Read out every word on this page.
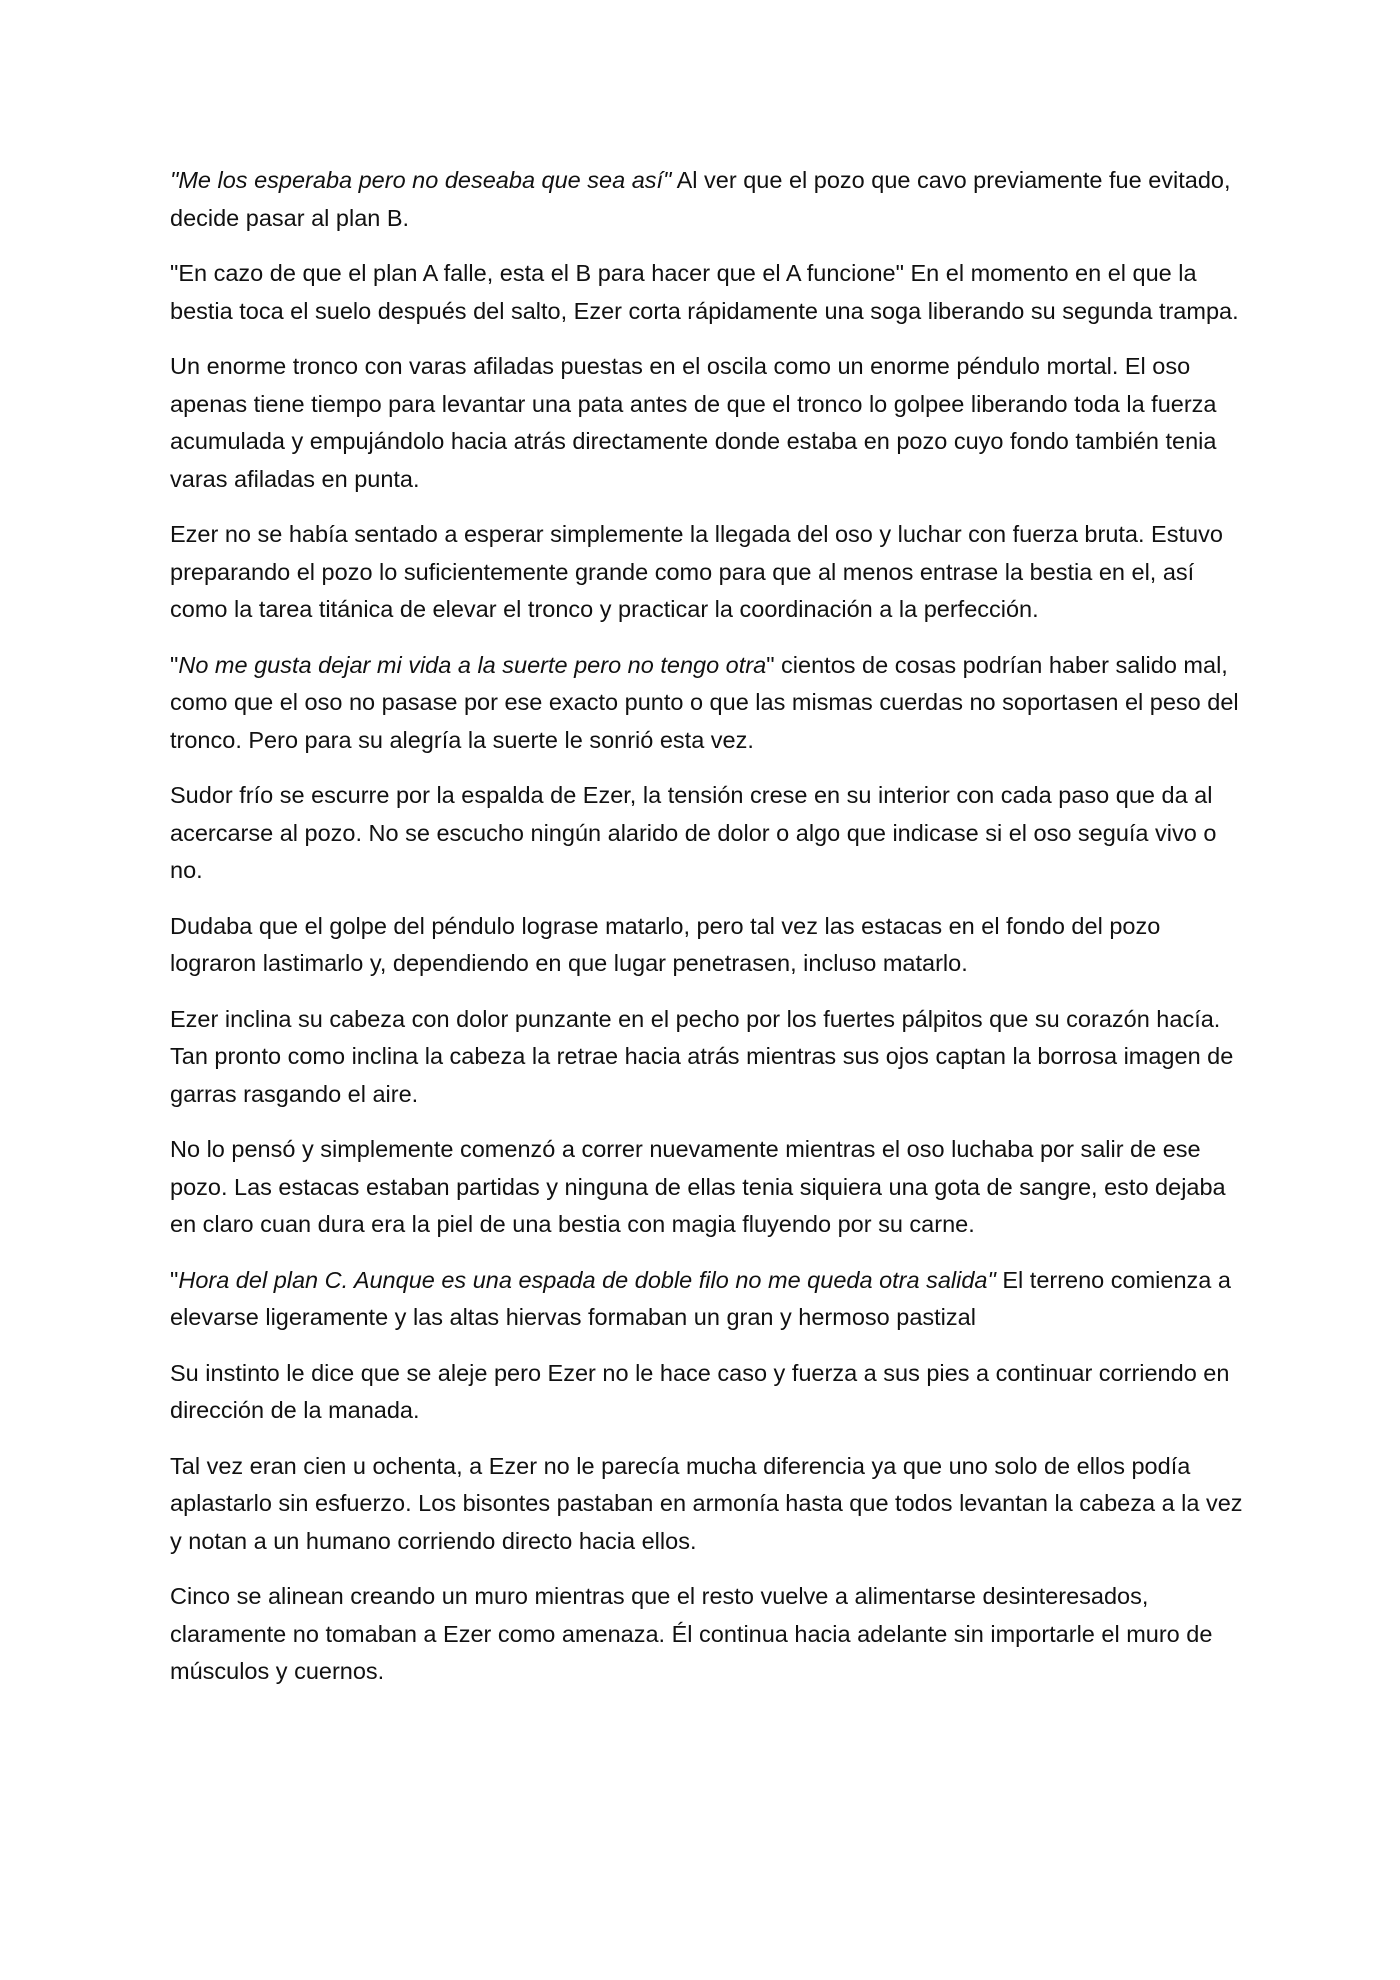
"Me los esperaba pero no deseaba que sea así" Al ver que el pozo que cavo previamente fue evitado, decide pasar al plan B.

"En cazo de que el plan A falle, esta el B para hacer que el A funcione" En el momento en el que la bestia toca el suelo después del salto, Ezer corta rápidamente una soga liberando su segunda trampa.

Un enorme tronco con varas afiladas puestas en el oscila como un enorme péndulo mortal. El oso apenas tiene tiempo para levantar una pata antes de que el tronco lo golpee liberando toda la fuerza acumulada y empujándolo hacia atrás directamente donde estaba en pozo cuyo fondo también tenia varas afiladas en punta.

Ezer no se había sentado a esperar simplemente la llegada del oso y luchar con fuerza bruta. Estuvo preparando el pozo lo suficientemente grande como para que al menos entrase la bestia en el, así como la tarea titánica de elevar el tronco y practicar la coordinación a la perfección.

"No me gusta dejar mi vida a la suerte pero no tengo otra" cientos de cosas podrían haber salido mal, como que el oso no pasase por ese exacto punto o que las mismas cuerdas no soportasen el peso del tronco. Pero para su alegría la suerte le sonrió esta vez.

Sudor frío se escurre por la espalda de Ezer, la tensión crese en su interior con cada paso que da al acercarse al pozo. No se escucho ningún alarido de dolor o algo que indicase si el oso seguía vivo o no.

Dudaba que el golpe del péndulo lograse matarlo, pero tal vez las estacas en el fondo del pozo lograron lastimarlo y, dependiendo en que lugar penetrasen, incluso matarlo.

Ezer inclina su cabeza con dolor punzante en el pecho por los fuertes pálpitos que su corazón hacía. Tan pronto como inclina la cabeza la retrae hacia atrás mientras sus ojos captan la borrosa imagen de garras rasgando el aire.

No lo pensó y simplemente comenzó a correr nuevamente mientras el oso luchaba por salir de ese pozo. Las estacas estaban partidas y ninguna de ellas tenia siquiera una gota de sangre, esto dejaba en claro cuan dura era la piel de una bestia con magia fluyendo por su carne.

"Hora del plan C. Aunque es una espada de doble filo no me queda otra salida" El terreno comienza a elevarse ligeramente y las altas hiervas formaban un gran y hermoso pastizal

Su instinto le dice que se aleje pero Ezer no le hace caso y fuerza a sus pies a continuar corriendo en dirección de la manada.

Tal vez eran cien u ochenta, a Ezer no le parecía mucha diferencia ya que uno solo de ellos podía aplastarlo sin esfuerzo. Los bisontes pastaban en armonía hasta que todos levantan la cabeza a la vez y notan a un humano corriendo directo hacia ellos.

Cinco se alinean creando un muro mientras que el resto vuelve a alimentarse desinteresados, claramente no tomaban a Ezer como amenaza. Él continua hacia adelante sin importarle el muro de músculos y cuernos.
